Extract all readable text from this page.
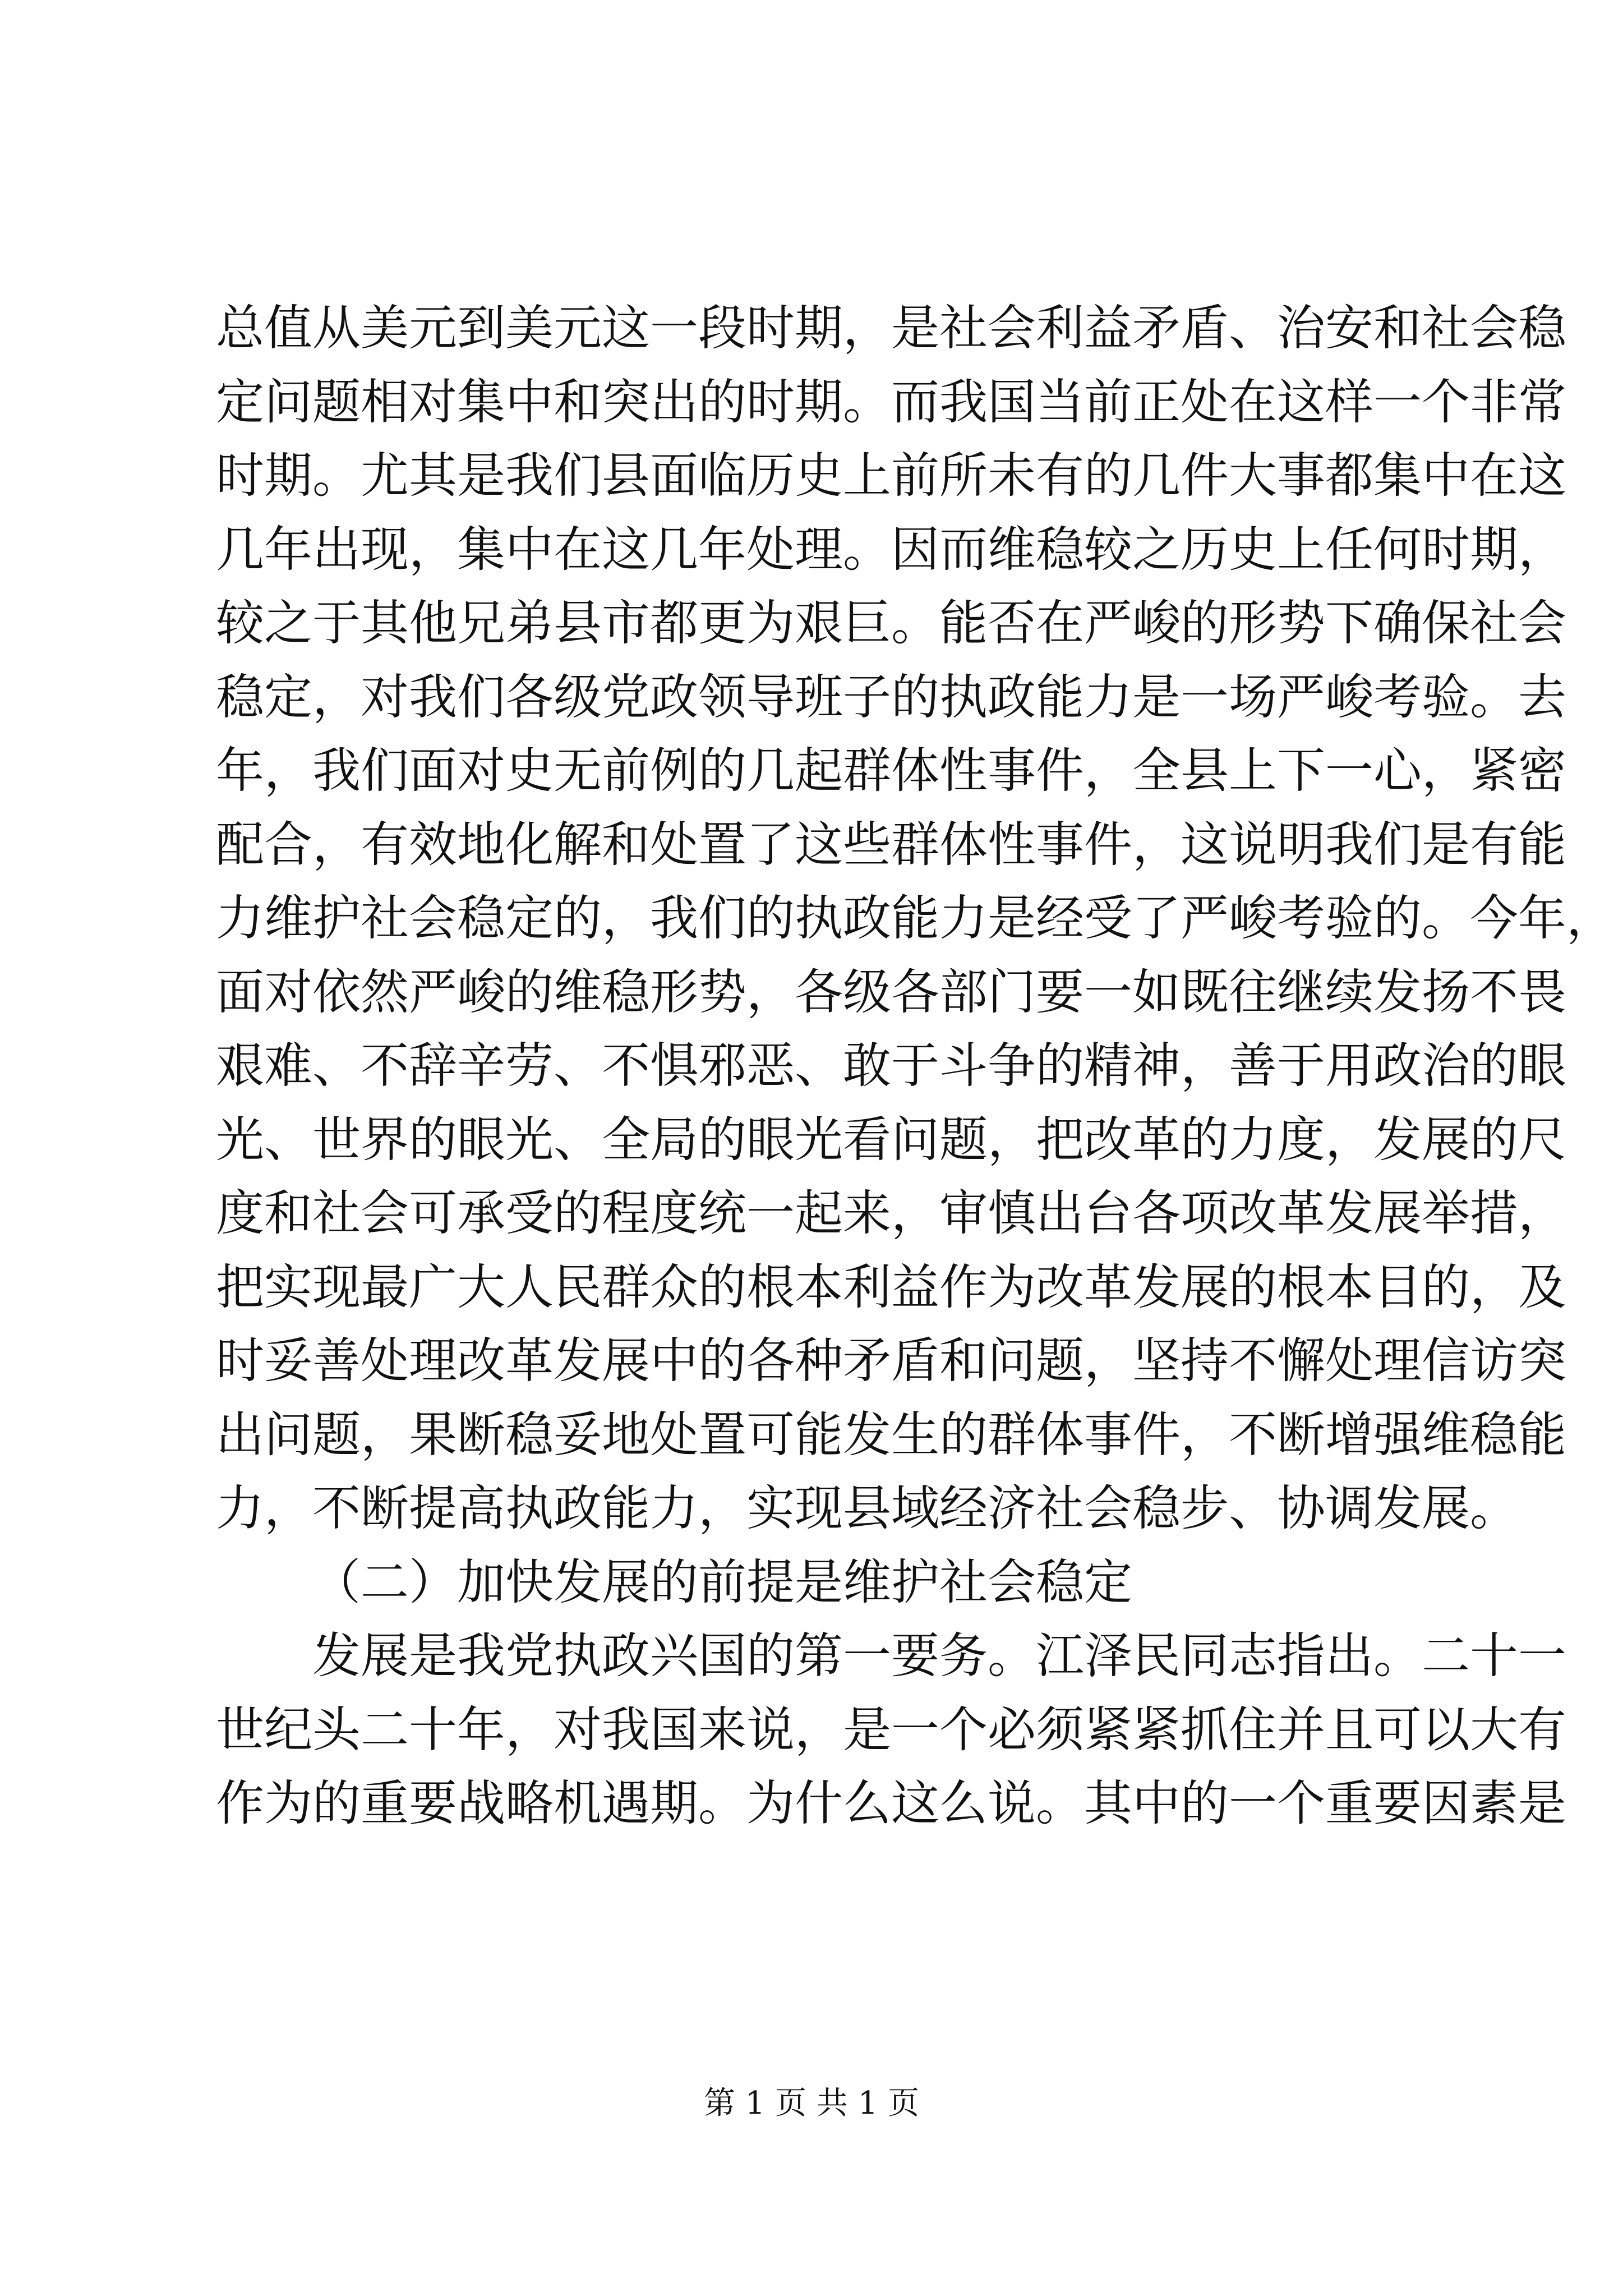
总值从美元到美元这一段时期，是社会利益矛盾、治安和社会稳
定问题相对集中和突出的时期。而我国当前正处在这样一个非常
时期。尤其是我们县面临历史上前所未有的几件大事都集中在这
几年出现，集中在这几年处理。因而维稳较之历史上任何时期，
较之于其他兄弟县市都更为艰巨。能否在严峻的形势下确保社会
稳定，对我们各级党政领导班子的执政能力是一场严峻考验。去
年，我们面对史无前例的几起群体性事件，全县上下一心，紧密
配合，有效地化解和处置了这些群体性事件，这说明我们是有能
力维护社会稳定的，我们的执政能力是经受了严峻考验的。今年，
面对依然严峻的维稳形势，各级各部门要一如既往继续发扬不畏
艰难、不辞辛劳、不惧邪恶、敢于斗争的精神，善于用政治的眼
光、世界的眼光、全局的眼光看问题，把改革的力度，发展的尺
度和社会可承受的程度统一起来，审慎出台各项改革发展举措，
把实现最广大人民群众的根本利益作为改革发展的根本目的，及
时妥善处理改革发展中的各种矛盾和问题，坚持不懈处理信访突
出问题，果断稳妥地处置可能发生的群体事件，不断增强维稳能
力，不断提高执政能力，实现县域经济社会稳步、协调发展。
（二）加快发展的前提是维护社会稳定
发展是我党执政兴国的第一要务。江泽民同志指出。二十一
世纪头二十年，对我国来说，是一个必须紧紧抓住并且可以大有
作为的重要战略机遇期。为什么这么说。其中的一个重要因素是
第 1 页 共 1 页
